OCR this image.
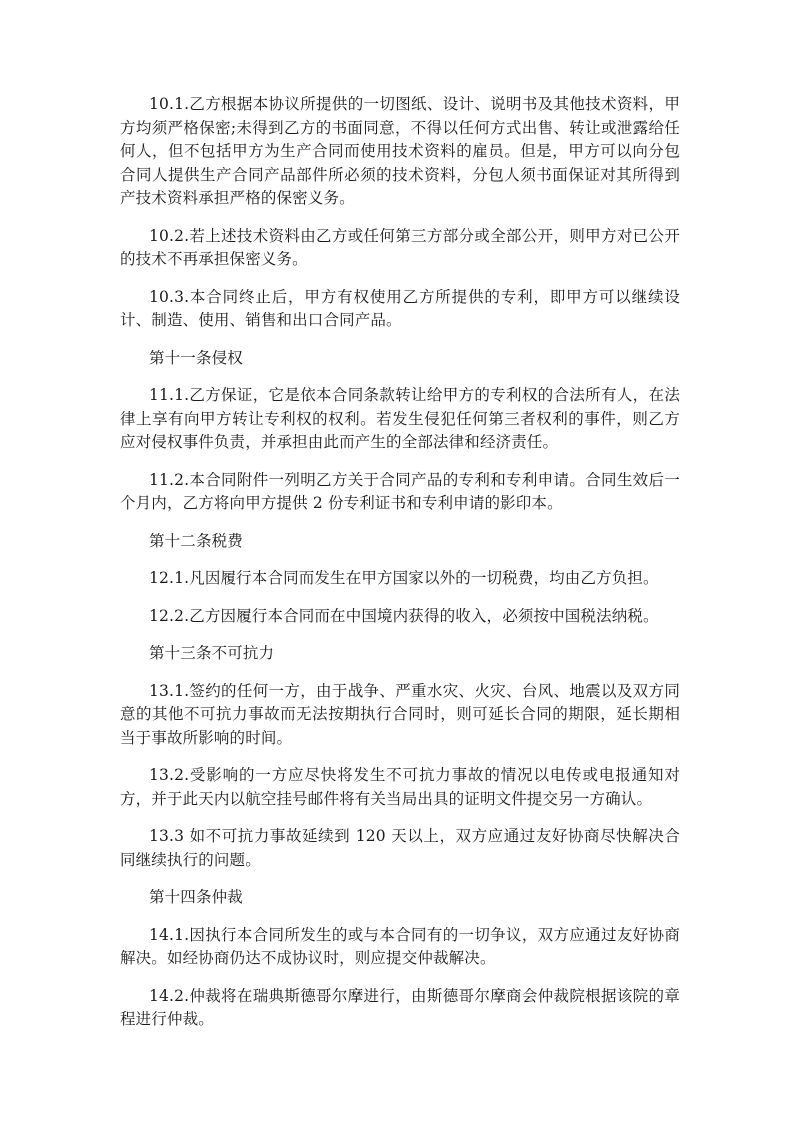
10.1.乙方根据本协议所提供的一切图纸、设计、说明书及其他技术资料，甲方均须严格保密;未得到乙方的书面同意，不得以任何方式出售、转让或泄露给任何人，但不包括甲方为生产合同而使用技术资料的雇员。但是，甲方可以向分包合同人提供生产合同产品部件所必须的技术资料，分包人须书面保证对其所得到产技术资料承担严格的保密义务。

10.2.若上述技术资料由乙方或任何第三方部分或全部公开，则甲方对已公开的技术不再承担保密义务。

10.3.本合同终止后，甲方有权使用乙方所提供的专利，即甲方可以继续设计、制造、使用、销售和出口合同产品。

第十一条侵权

11.1.乙方保证，它是依本合同条款转让给甲方的专利权的合法所有人，在法律上享有向甲方转让专利权的权利。若发生侵犯任何第三者权利的事件，则乙方应对侵权事件负责，并承担由此而产生的全部法律和经济责任。

11.2.本合同附件一列明乙方关于合同产品的专利和专利申请。合同生效后一个月内，乙方将向甲方提供 2 份专利证书和专利申请的影印本。

第十二条税费

12.1.凡因履行本合同而发生在甲方国家以外的一切税费，均由乙方负担。

12.2.乙方因履行本合同而在中国境内获得的收入，必须按中国税法纳税。

第十三条不可抗力

13.1.签约的任何一方，由于战争、严重水灾、火灾、台风、地震以及双方同意的其他不可抗力事故而无法按期执行合同时，则可延长合同的期限，延长期相当于事故所影响的时间。

13.2.受影响的一方应尽快将发生不可抗力事故的情况以电传或电报通知对方，并于此天内以航空挂号邮件将有关当局出具的证明文件提交另一方确认。

13.3 如不可抗力事故延续到 120 天以上，双方应通过友好协商尽快解决合同继续执行的问题。

第十四条仲裁

14.1.因执行本合同所发生的或与本合同有的一切争议，双方应通过友好协商解决。如经协商仍达不成协议时，则应提交仲裁解决。

14.2.仲裁将在瑞典斯德哥尔摩进行，由斯德哥尔摩商会仲裁院根据该院的章程进行仲裁。
